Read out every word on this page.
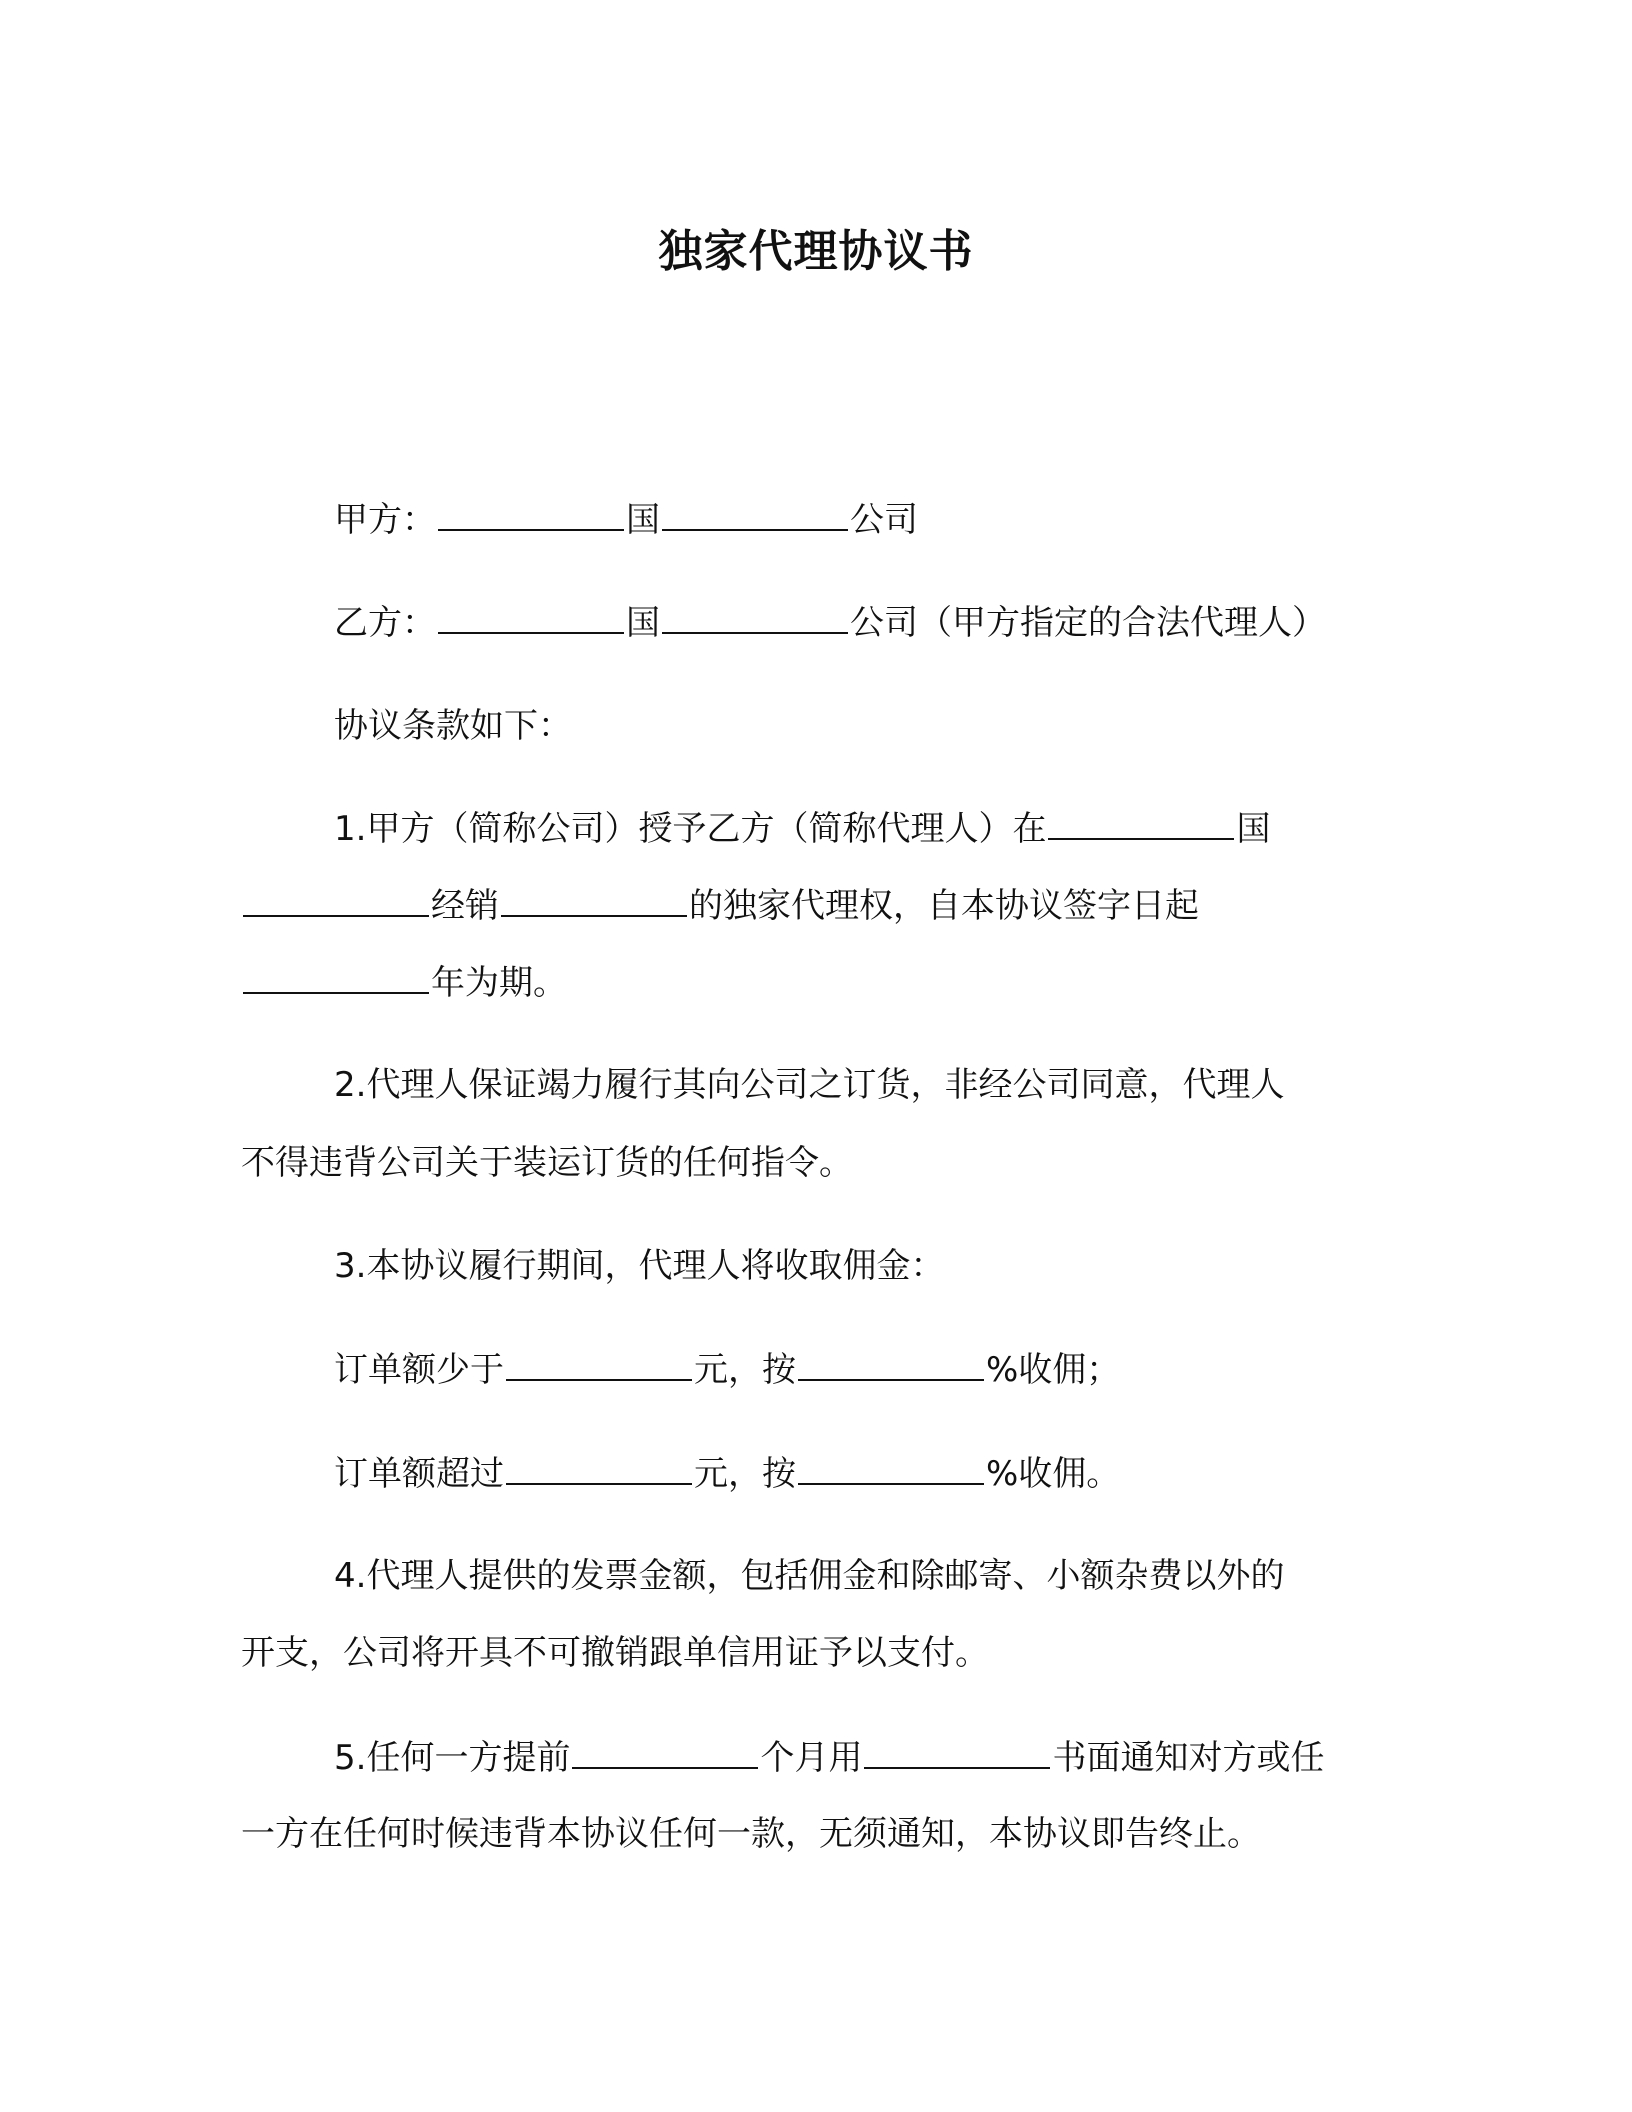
独家代理协议书
甲方：	国	公司
乙方：	国	公司（甲方指定的合法代理人）
协议条款如下：
1.甲方（简称公司）授予乙方（简称代理人）在	国
经销	的独家代理权，自本协议签字日起
年为期。
2.代理人保证竭力履行其向公司之订货，非经公司同意，代理人
不得违背公司关于装运订货的任何指令。
3.本协议履行期间，代理人将收取佣金：
订单额少于	元，按	%收佣；
订单额超过	元，按	%收佣。
4.代理人提供的发票金额，包括佣金和除邮寄、小额杂费以外的
开支，公司将开具不可撤销跟单信用证予以支付。
5.任何一方提前	个月用	书面通知对方或任
一方在任何时候违背本协议任何一款，无须通知，本协议即告终止。
